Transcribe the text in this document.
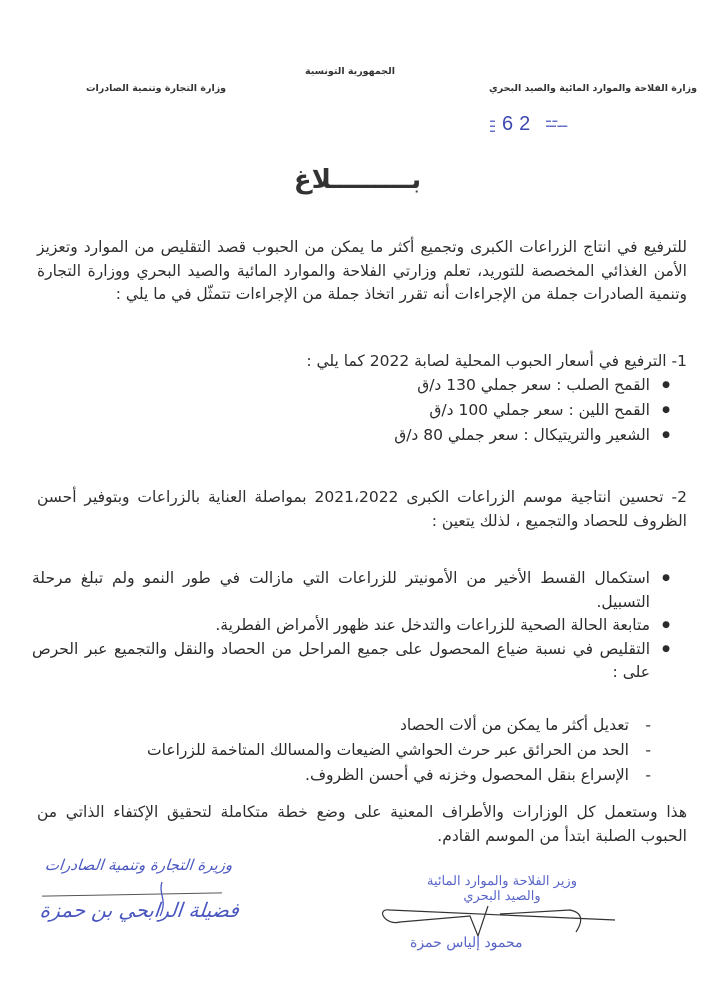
الجمهورية التونسية
وزارة الفلاحة والموارد المائية والصيد البحري
وزارة التجارة وتنمية الصادرات
▬
▬
▬ 62 ▬ ▬
▬▬ ▬▬
بـــــــــلاغ
للترفيع في انتاج الزراعات الكبرى وتجميع أكثر ما يمكن من الحبوب قصد التقليص من الموارد وتعزيز الأمن الغذائي المخصصة للتوريد، تعلم وزارتي الفلاحة والموارد المائية والصيد البحري ووزارة التجارة وتنمية الصادرات جملة من الإجراءات أنه تقرر اتخاذ جملة من الإجراءات تتمثّل في ما يلي :
1- الترفيع في أسعار الحبوب المحلية لصابة 2022 كما يلي :
● القمح الصلب : سعر جملي 130 د/ق
● القمح اللين : سعر جملي 100 د/ق
● الشعير والتريتيكال : سعر جملي 80 د/ق
2- تحسين انتاجية موسم الزراعات الكبرى 2021،2022 بمواصلة العناية بالزراعات وبتوفير أحسن الظروف للحصاد والتجميع ، لذلك يتعين :
● استكمال القسط الأخير من الأمونيتر للزراعات التي مازالت في طور النمو ولم تبلغ مرحلة التسبيل.
● متابعة الحالة الصحية للزراعات والتدخل عند ظهور الأمراض الفطرية.
● التقليص في نسبة ضياع المحصول على جميع المراحل من الحصاد والنقل والتجميع عبر الحرص على :
- تعديل أكثر ما يمكن من ألات الحصاد
- الحد من الحرائق عبر حرث الحواشي الضيعات والمسالك المتاخمة للزراعات
- الإسراع بنقل المحصول وخزنه في أحسن الظروف.
هذا وستعمل كل الوزارات والأطراف المعنية على وضع خطة متكاملة لتحقيق الإكتفاء الذاتي من الحبوب الصلبة ابتدأ من الموسم القادم.
وزيرة التجارة وتنمية الصادرات
فضيلة الرابحي بن حمزة
وزير الفلاحة والموارد المائية
والصيد البحري
محمود إلياس حمزة
